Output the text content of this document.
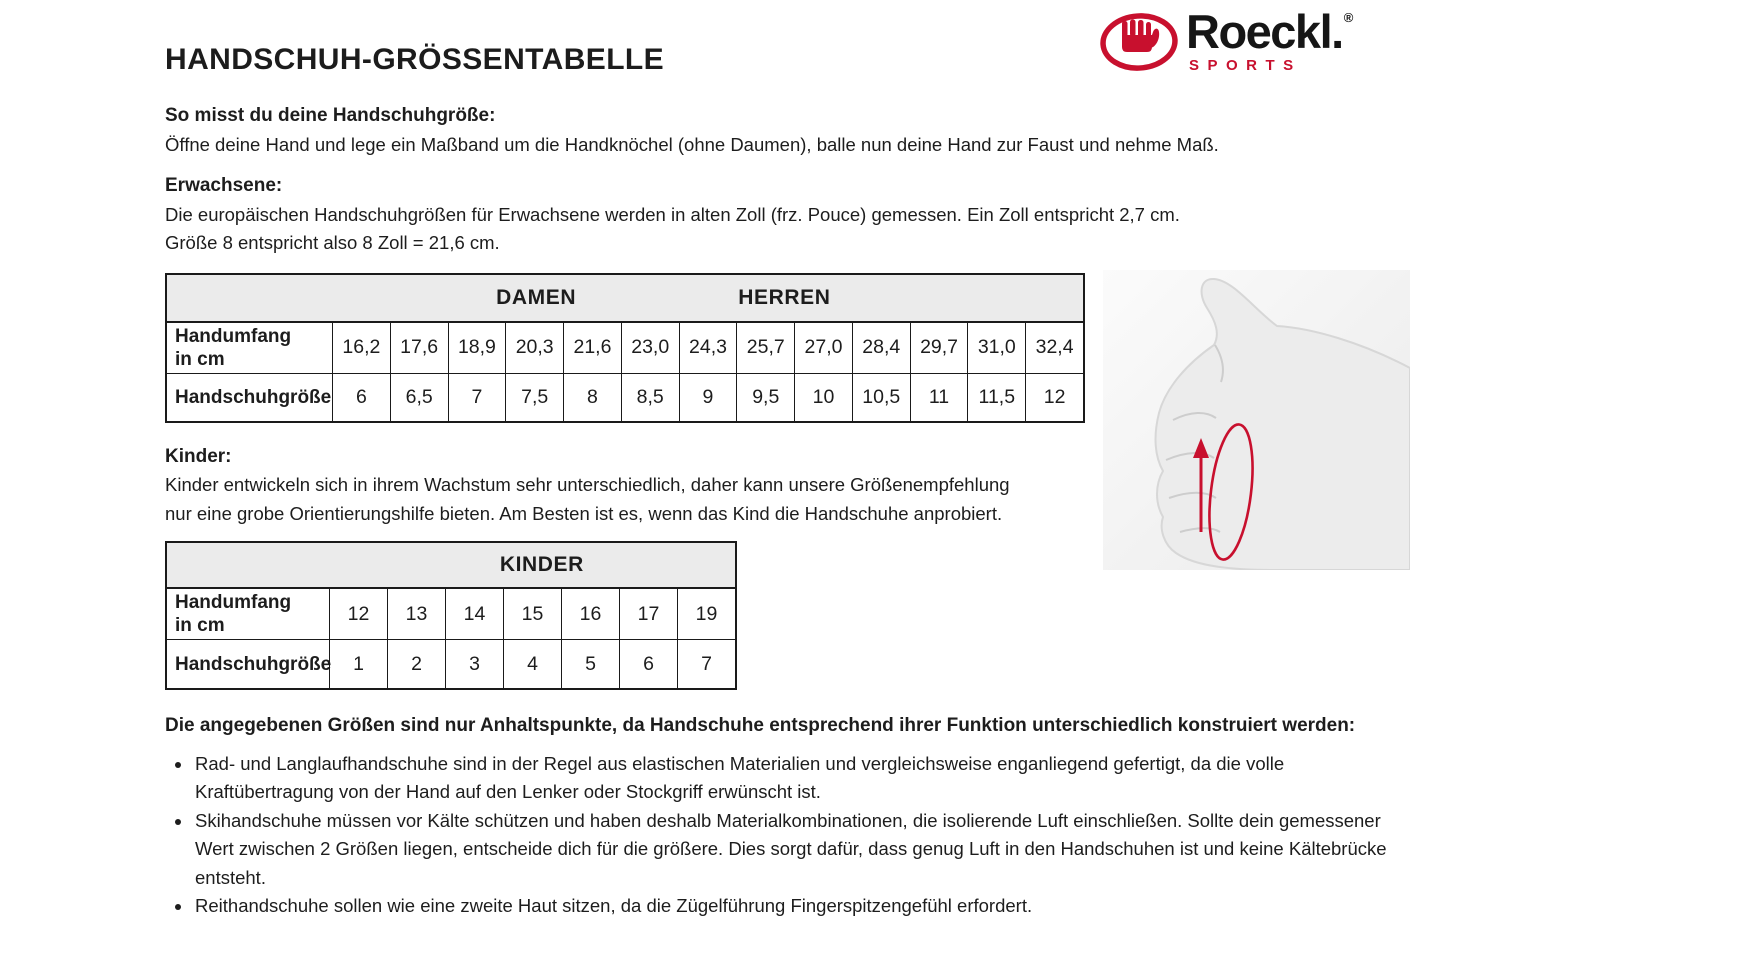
Roeckl. ®
SPORTS
HANDSCHUH-GRÖSSENTABELLE

So misst du deine Handschuhgröße:

Öffne deine Hand und lege ein Maßband um die Handknöchel (ohne Daumen), balle nun deine Hand zur Faust und nehme Maß.

Erwachsene:

Die europäischen Handschuhgrößen für Erwachsene werden in alten Zoll (frz. Pouce) gemessen. Ein Zoll entspricht 2,7 cm.

Größe 8 entspricht also 8 Zoll = 21,6 cm.

DAMEN	HERREN
Handumfang
in cm
16,2	17,6	18,9	20,3	21,6	23,0	24,3	25,7	27,0	28,4	29,7	31,0	32,4
Handschuhgröße	6	6,5	7	7,5	8	8,5	9	9,5	10	10,5	11	11,5	12

Kinder:

Kinder entwickeln sich in ihrem Wachstum sehr unterschiedlich, daher kann unsere Größenempfehlung

nur eine grobe Orientierungshilfe bieten. Am Besten ist es, wenn das Kind die Handschuhe anprobiert.

KINDER
Handumfang
in cm
12	13	14	15	16	17	19
Handschuhgröße	1	2	3	4	5	6	7

Die angegebenen Größen sind nur Anhaltspunkte, da Handschuhe entsprechend ihrer Funktion unterschiedlich konstruiert werden:

• Rad- und Langlaufhandschuhe sind in der Regel aus elastischen Materialien und vergleichsweise enganliegend gefertigt, da die volle Kraftübertragung von der Hand auf den Lenker oder Stockgriff erwünscht ist.
• Skihandschuhe müssen vor Kälte schützen und haben deshalb Materialkombinationen, die isolierende Luft einschließen. Sollte dein gemessener Wert zwischen 2 Größen liegen, entscheide dich für die größere. Dies sorgt dafür, dass genug Luft in den Handschuhen ist und keine Kältebrücke entsteht.
• Reithandschuhe sollen wie eine zweite Haut sitzen, da die Zügelführung Fingerspitzengefühl erfordert.
